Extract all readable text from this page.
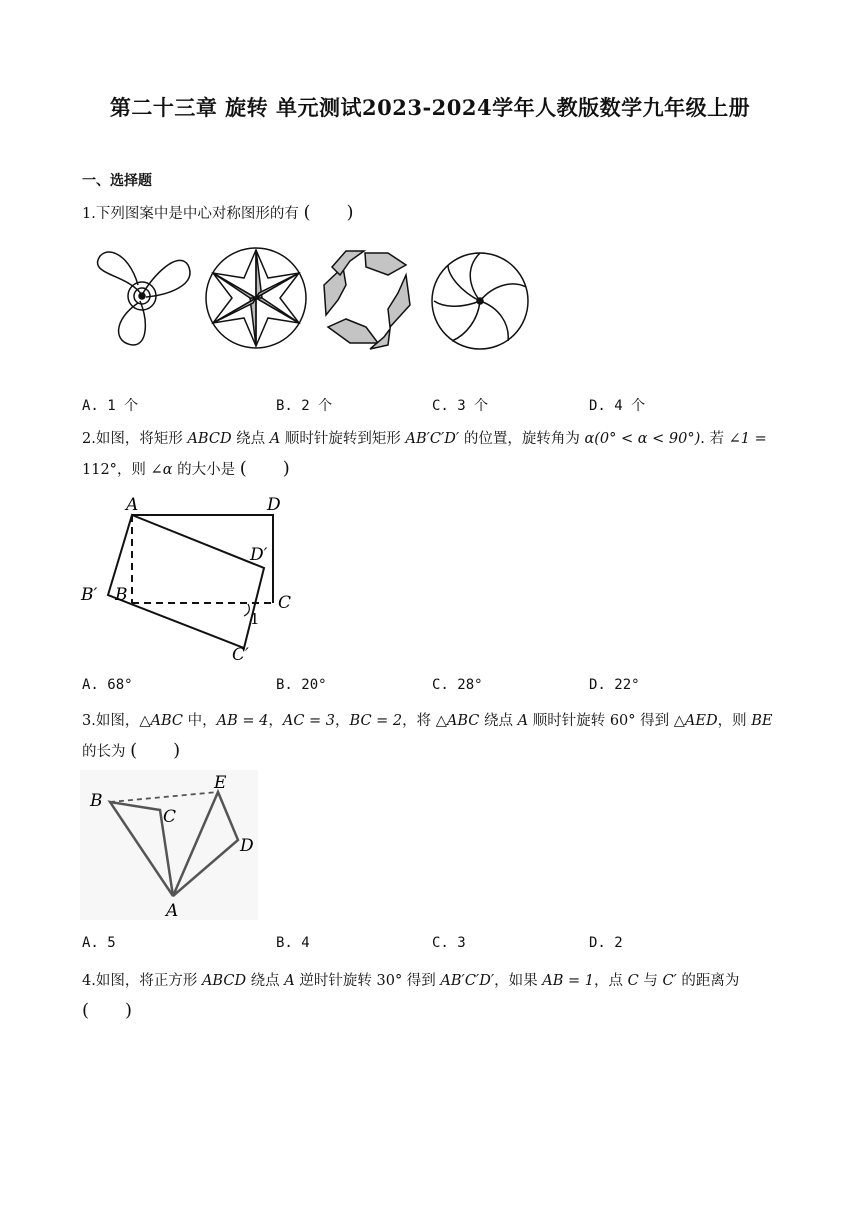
第二十三章 旋转 单元测试2023-2024学年人教版数学九年级上册
一、选择题
1.下列图案中是中心对称图形的有 (　　)
A. 1 个	B. 2 个	C. 3 个	D. 4 个
2.如图，将矩形 ABCD 绕点 A 顺时针旋转到矩形 AB′C′D′ 的位置，旋转角为 α(0° < α < 90°). 若 ∠1 =
112°，则 ∠α 的大小是 (　　)
A	D
D′
B′ B	C
1
C′
A. 68°	B. 20°	C. 28°	D. 22°
3.如图，△ABC 中，AB = 4，AC = 3，BC = 2，将 △ABC 绕点 A 顺时针旋转 60° 得到 △AED，则 BE
的长为 (　　)
B
C
E
D
A
A. 5	B. 4	C. 3	D. 2
4.如图，将正方形 ABCD 绕点 A 逆时针旋转 30° 得到 AB′C′D′，如果 AB = 1，点 C 与 C′ 的距离为
(　　)
